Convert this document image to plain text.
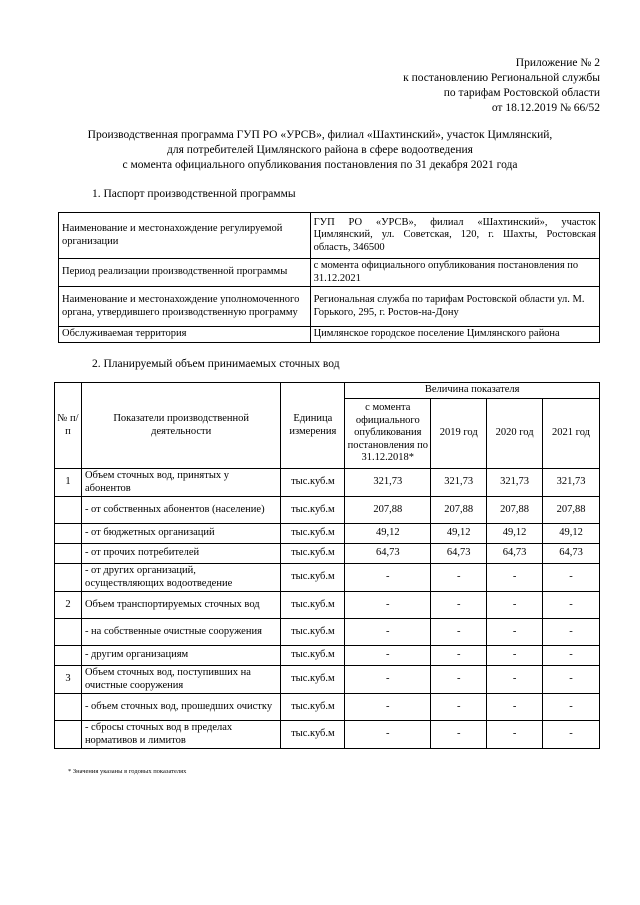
Приложение № 2
к постановлению Региональной службы
по тарифам Ростовской области
от 18.12.2019 № 66/52
Производственная программа ГУП РО «УРСВ», филиал «Шахтинский», участок Цимлянский,
для потребителей Цимлянского района в сфере водоотведения
с момента официального опубликования постановления по 31 декабря 2021 года
1. Паспорт производственной программы
Наименование и местонахождение регулируемой организации	ГУП РО «УРСВ», филиал «Шахтинский», участок Цимлянский, ул. Советская, 120, г. Шахты, Ростовская область, 346500
Период реализации производственной программы	с момента официального опубликования постановления по 31.12.2021
Наименование и местонахождение уполномоченного органа, утвердившего производственную программу	Региональная служба по тарифам Ростовской области ул. М. Горького, 295, г. Ростов-на-Дону
Обслуживаемая территория	Цимлянское городское поселение Цимлянского района
2. Планируемый объем принимаемых сточных вод
№ п/п	Показатели производственной деятельности	Единица измерения	Величина показателя			
			с момента официального опубликования постановления по 31.12.2018*	2019 год	2020 год	2021 год
1	Объем сточных вод, принятых у абонентов	тыс.куб.м	321,73	321,73	321,73	321,73
	- от собственных абонентов (население)	тыс.куб.м	207,88	207,88	207,88	207,88
	- от бюджетных организаций	тыс.куб.м	49,12	49,12	49,12	49,12
	- от прочих потребителей	тыс.куб.м	64,73	64,73	64,73	64,73
	- от других организаций, осуществляющих водоотведение	тыс.куб.м	-	-	-	-
2	Объем транспортируемых сточных вод	тыс.куб.м	-	-	-	-
	- на собственные очистные сооружения	тыс.куб.м	-	-	-	-
	- другим организациям	тыс.куб.м	-	-	-	-
3	Объем сточных вод, поступивших на очистные сооружения	тыс.куб.м	-	-	-	-
	- объем сточных вод, прошедших очистку	тыс.куб.м	-	-	-	-
	- сбросы сточных вод в пределах нормативов и лимитов	тыс.куб.м	-	-	-	-
* Значения указаны в годовых показателях
